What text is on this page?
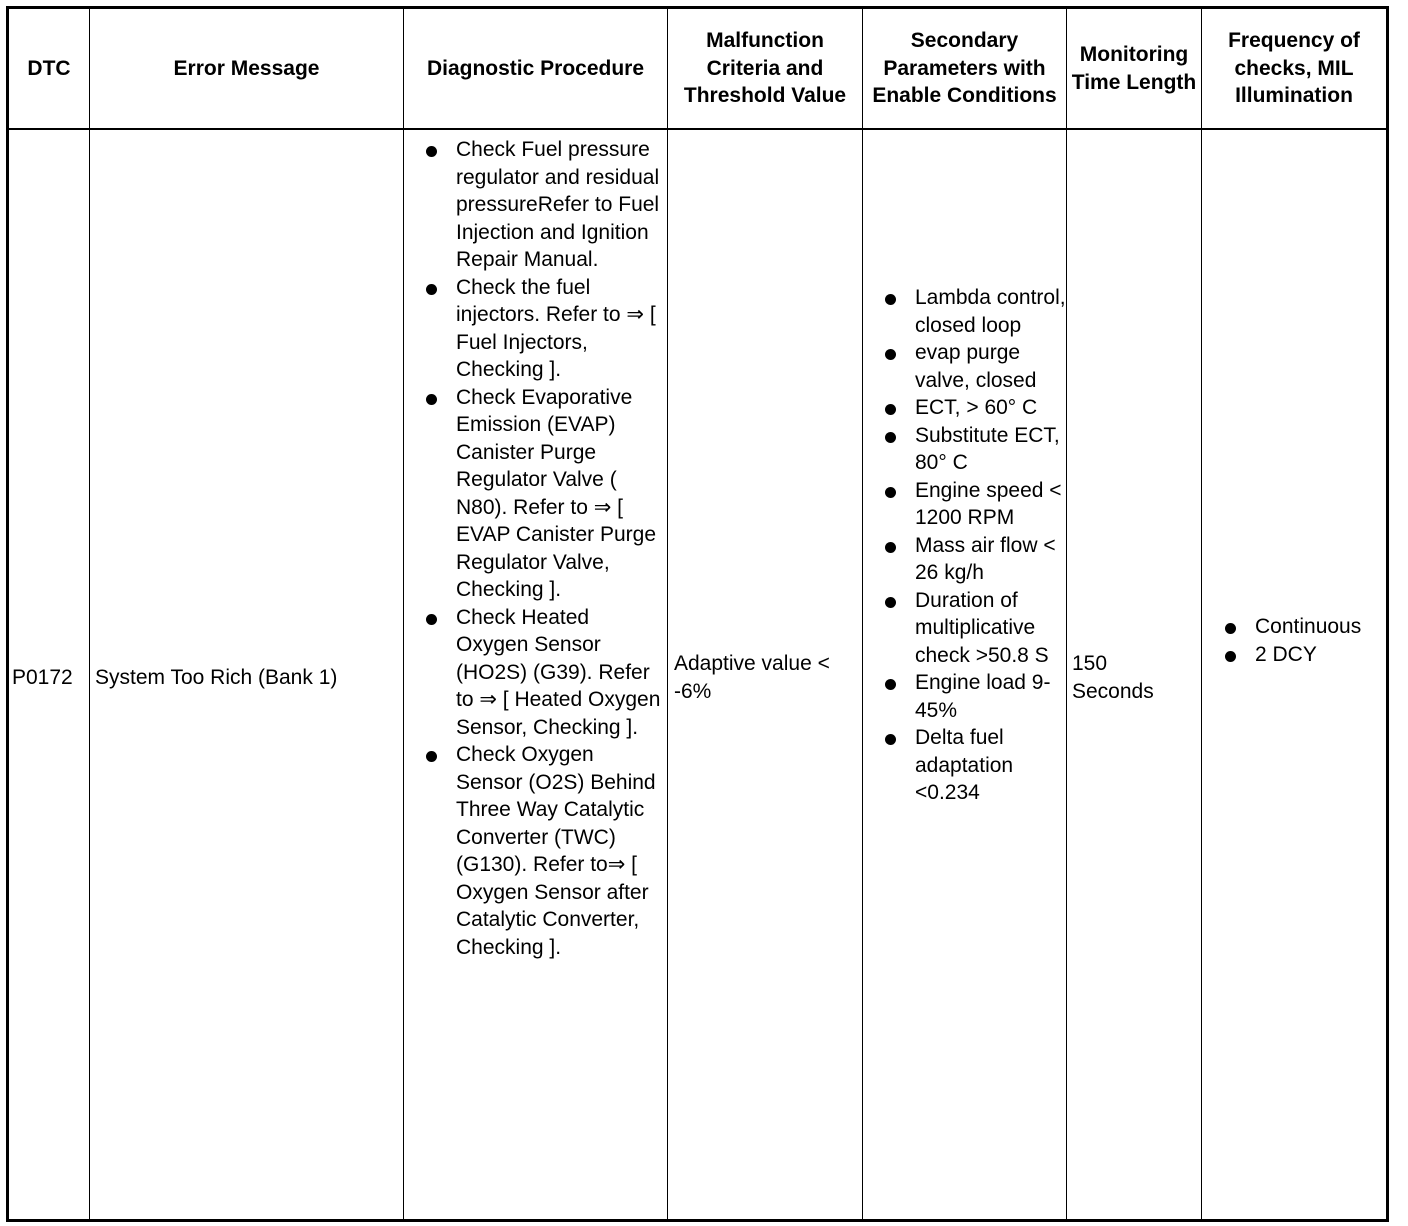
DTC	Error Message	Diagnostic Procedure
Malfunction Criteria and Threshold Value
Secondary Parameters with Enable Conditions
Monitoring Time Length
Frequency of checks, MIL Illumination
P0172 System Too Rich (Bank 1)
Check Fuel pressure regulator and residual pressureRefer to Fuel Injection and Ignition Repair Manual.
Check the fuel injectors. Refer to ⇒ [ Fuel Injectors, Checking ].
Check Evaporative Emission (EVAP) Canister Purge Regulator Valve ( N80). Refer to ⇒ [ EVAP Canister Purge Regulator Valve, Checking ].
Check Heated Oxygen Sensor (HO2S) (G39). Refer to ⇒ [ Heated Oxygen Sensor, Checking ].
Check Oxygen Sensor (O2S) Behind Three Way Catalytic Converter (TWC) (G130). Refer to⇒ [ Oxygen Sensor after Catalytic Converter, Checking ].
Adaptive value < -6%
Lambda control, closed loop
evap purge valve, closed
ECT, > 60° C
Substitute ECT, 80° C
Engine speed < 1200 RPM
Mass air flow < 26 kg/h
Duration of multiplicative check >50.8 S
Engine load 9-45%
Delta fuel adaptation <0.234
150 Seconds
Continuous
2 DCY
